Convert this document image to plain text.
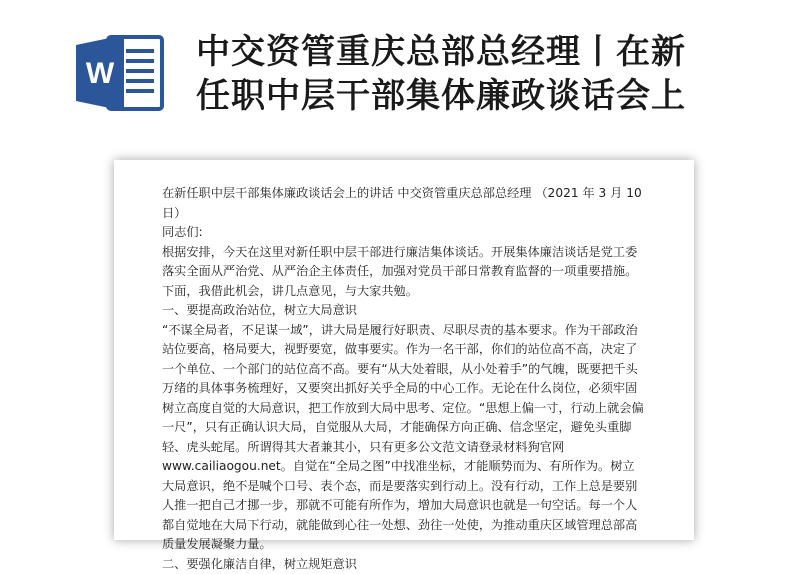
W
中交资管重庆总部总经理丨在新
任职中层干部集体廉政谈话会上

在新任职中层干部集体廉政谈话会上的讲话 中交资管重庆总部总经理 （2021 年 3 月 10 日）

同志们:

根据安排，今天在这里对新任职中层干部进行廉洁集体谈话。开展集体廉洁谈话是党工委落实全面从严治党、从严治企主体责任，加强对党员干部日常教育监督的一项重要措施。下面，我借此机会，讲几点意见，与大家共勉。

一、要提高政治站位，树立大局意识

“不谋全局者，不足谋一域”，讲大局是履行好职责、尽职尽责的基本要求。作为干部政治站位要高，格局要大，视野要宽，做事要实。作为一名干部，你们的站位高不高，决定了一个单位、一个部门的站位高不高。要有“从大处着眼，从小处着手”的气魄，既要把千头万绪的具体事务梳理好，又要突出抓好关乎全局的中心工作。无论在什么岗位，必须牢固树立高度自觉的大局意识，把工作放到大局中思考、定位。“思想上偏一寸，行动上就会偏一尺”，只有正确认识大局，自觉服从大局，才能确保方向正确、信念坚定，避免头重脚轻、虎头蛇尾。所谓得其大者兼其小，只有更多公文范文请登录材料狗官网 www.cailiaogou.net。自觉在“全局之图”中找准坐标，才能顺势而为、有所作为。树立大局意识，绝不是喊个口号、表个态，而是要落实到行动上。没有行动，工作上总是要别人推一把自己才挪一步，那就不可能有所作为，增加大局意识也就是一句空话。每一个人都自觉地在大局下行动，就能做到心往一处想、劲往一处使，为推动重庆区域管理总部高质量发展凝聚力量。

二、要强化廉洁自律，树立规矩意识
